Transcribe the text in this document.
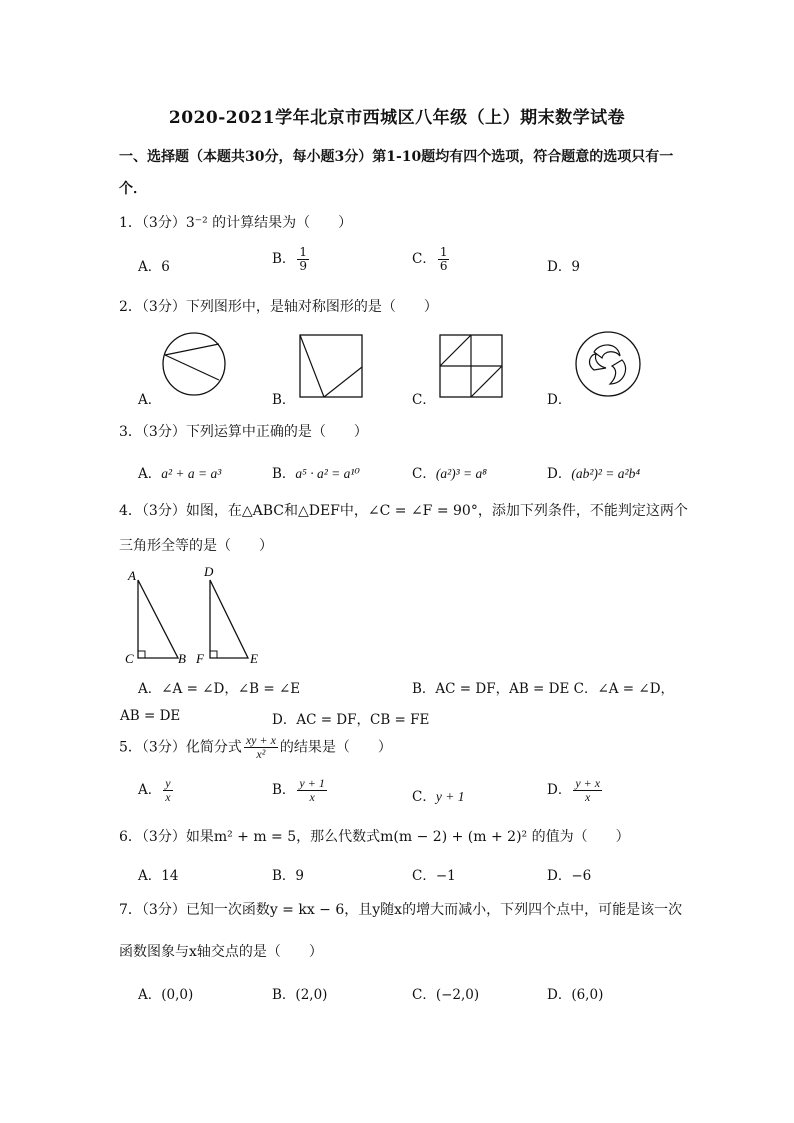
2020-2021学年北京市西城区八年级（上）期末数学试卷
一、选择题（本题共30分，每小题3分）第1-10题均有四个选项，符合题意的选项只有一个．
1．（3分）3⁻² 的计算结果为（　　）
A．6	B． $\frac{1}{9}$	C． $\frac{1}{6}$	D．9
2．（3分）下列图形中，是轴对称图形的是（　　）
A．	B．	C．	D．
3．（3分）下列运算中正确的是（　　）
A．a² + a = a³	B．a⁵ · a² = a¹⁰	C．(a²)³ = a⁸	D．(ab²)² = a²b⁴
4．（3分）如图，在△ABC和△DEF中，∠C = ∠F = 90°，添加下列条件，不能判定这两个
三角形全等的是（　　）
A
C	B
D
F	E
A．∠A = ∠D，∠B = ∠E	B．AC = DF，AB = DE C．∠A = ∠D，
AB = DE	D．AC = DF，CB = FE
5．（3分）化简分式 $\frac{xy + x}{\text{x²}}$ 的结果是（　　）
A． $\frac{y}{x}$	B． $\frac{y + 1}{x}$	C．y + 1	D． $\frac{y + x}{x}$
6．（3分）如果m² + m = 5，那么代数式m(m − 2) + (m + 2)² 的值为（　　）
A．14	B．9	C．−1	D．−6
7．（3分）已知一次函数y = kx − 6，且y随x的增大而减小，下列四个点中，可能是该一次
函数图象与x轴交点的是（　　）
A．(0,0)	B．(2,0)	C．(−2,0)	D．(6,0)
